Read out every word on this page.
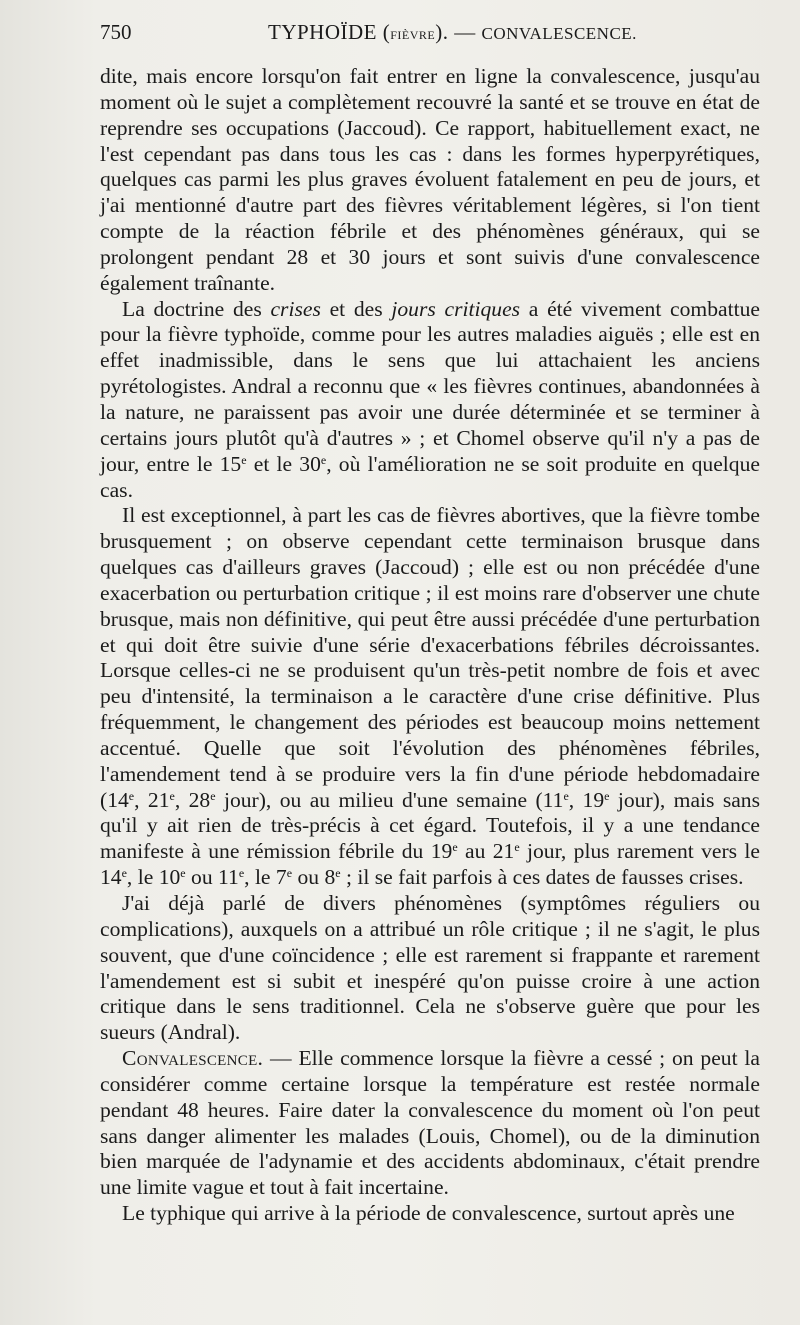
750	TYPHOÏDE (fièvre). — CONVALESCENCE.

dite, mais encore lorsqu'on fait entrer en ligne la convalescence, jusqu'au moment où le sujet a complètement recouvré la santé et se trouve en état de reprendre ses occupations (Jaccoud). Ce rapport, habituellement exact, ne l'est cependant pas dans tous les cas : dans les formes hyperpyrétiques, quelques cas parmi les plus graves évoluent fatalement en peu de jours, et j'ai mentionné d'autre part des fièvres véritablement légères, si l'on tient compte de la réaction fébrile et des phénomènes généraux, qui se prolongent pendant 28 et 30 jours et sont suivis d'une convalescence également traînante.

La doctrine des crises et des jours critiques a été vivement combattue pour la fièvre typhoïde, comme pour les autres maladies aiguës ; elle est en effet inadmissible, dans le sens que lui attachaient les anciens pyrétologistes. Andral a reconnu que « les fièvres continues, abandonnées à la nature, ne paraissent pas avoir une durée déterminée et se terminer à certains jours plutôt qu'à d'autres » ; et Chomel observe qu'il n'y a pas de jour, entre le 15e et le 30e, où l'amélioration ne se soit produite en quelque cas.

Il est exceptionnel, à part les cas de fièvres abortives, que la fièvre tombe brusquement ; on observe cependant cette terminaison brusque dans quelques cas d'ailleurs graves (Jaccoud) ; elle est ou non précédée d'une exacerbation ou perturbation critique ; il est moins rare d'observer une chute brusque, mais non définitive, qui peut être aussi précédée d'une perturbation et qui doit être suivie d'une série d'exacerbations fébriles décroissantes. Lorsque celles-ci ne se produisent qu'un très-petit nombre de fois et avec peu d'intensité, la terminaison a le caractère d'une crise définitive. Plus fréquemment, le changement des périodes est beaucoup moins nettement accentué. Quelle que soit l'évolution des phénomènes fébriles, l'amendement tend à se produire vers la fin d'une période hebdomadaire (14e, 21e, 28e jour), ou au milieu d'une semaine (11e, 19e jour), mais sans qu'il y ait rien de très-précis à cet égard. Toutefois, il y a une tendance manifeste à une rémission fébrile du 19e au 21e jour, plus rarement vers le 14e, le 10e ou 11e, le 7e ou 8e ; il se fait parfois à ces dates de fausses crises.

J'ai déjà parlé de divers phénomènes (symptômes réguliers ou complications), auxquels on a attribué un rôle critique ; il ne s'agit, le plus souvent, que d'une coïncidence ; elle est rarement si frappante et rarement l'amendement est si subit et inespéré qu'on puisse croire à une action critique dans le sens traditionnel. Cela ne s'observe guère que pour les sueurs (Andral).

Convalescence. — Elle commence lorsque la fièvre a cessé ; on peut la considérer comme certaine lorsque la température est restée normale pendant 48 heures. Faire dater la convalescence du moment où l'on peut sans danger alimenter les malades (Louis, Chomel), ou de la diminution bien marquée de l'adynamie et des accidents abdominaux, c'était prendre une limite vague et tout à fait incertaine.

Le typhique qui arrive à la période de convalescence, surtout après une
